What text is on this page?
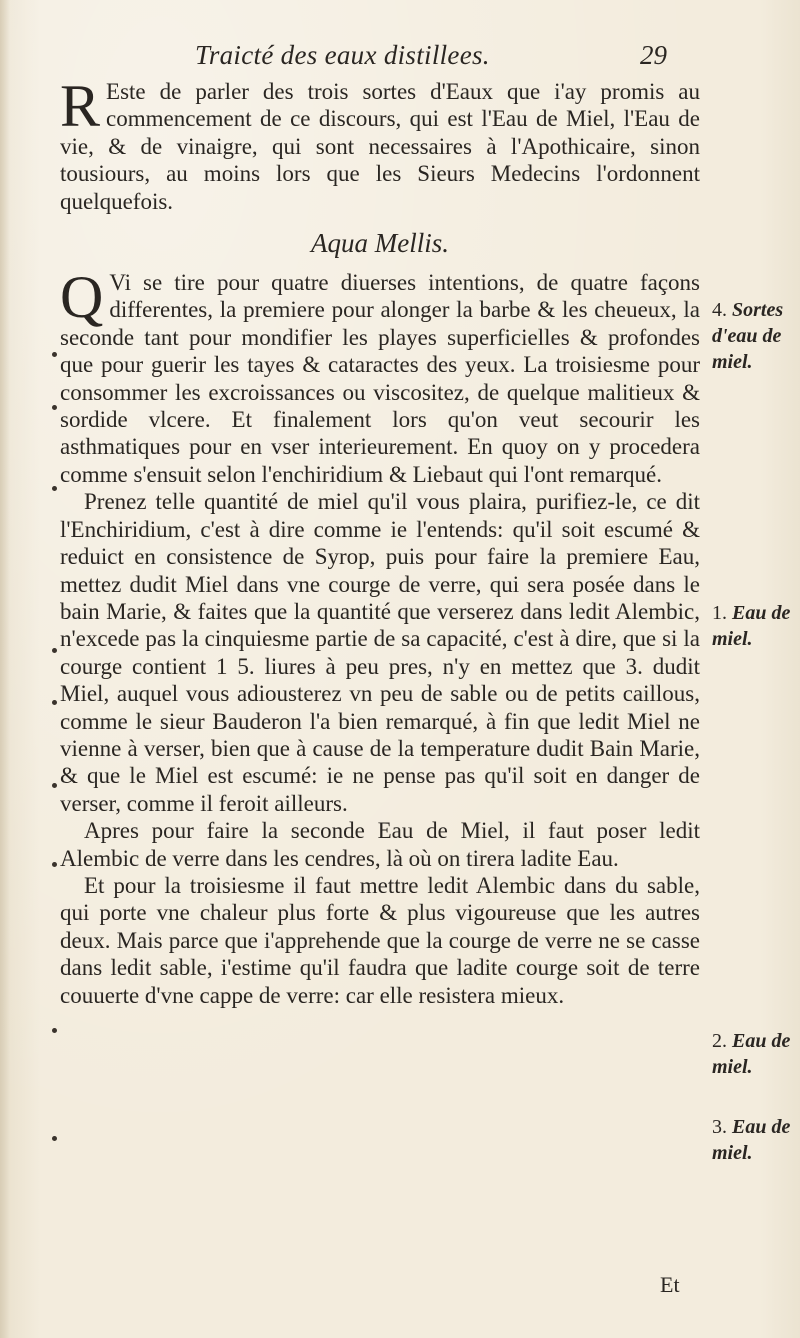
Traicté des eaux distillees.	29

R Este de parler des trois sortes d'Eaux que i'ay promis au commencement de ce discours, qui est l'Eau de Miel, l'Eau de vie, & de vinaigre, qui sont necessaires à l'Apothicaire, sinon tousiours, au moins lors que les Sieurs Medecins l'ordonnent quelquefois.

Aqua Mellis.

Q Vi se tire pour quatre diuerses intentions, de quatre façons differentes, la premiere pour alonger la barbe & les cheueux, la seconde tant pour mondifier les playes superficielles & profondes que pour guerir les tayes & cataractes des yeux. La troisiesme pour consommer les excroissances ou viscositez, de quelque malitieux & sordide vlcere. Et finalement lors qu'on veut secourir les asthmatiques pour en vser interieurement. En quoy on y procedera comme s'ensuit selon l'enchiridium & Liebaut qui l'ont remarqué.

Prenez telle quantité de miel qu'il vous plaira, purifiez-le, ce dit l'Enchiridium, c'est à dire comme ie l'entends: qu'il soit escumé & reduict en consistence de Syrop, puis pour faire la premiere Eau, mettez dudit Miel dans vne courge de verre, qui sera posée dans le bain Marie, & faites que la quantité que verserez dans ledit Alembic, n'excede pas la cinquiesme partie de sa capacité, c'est à dire, que si la courge contient 1 5. liures à peu pres, n'y en mettez que 3. dudit Miel, auquel vous adiousterez vn peu de sable ou de petits caillous, comme le sieur Bauderon l'a bien remarqué, à fin que ledit Miel ne vienne à verser, bien que à cause de la temperature dudit Bain Marie, & que le Miel est escumé: ie ne pense pas qu'il soit en danger de verser, comme il feroit ailleurs.

Apres pour faire la seconde Eau de Miel, il faut poser ledit Alembic de verre dans les cendres, là où on tirera ladite Eau.

Et pour la troisiesme il faut mettre ledit Alembic dans du sable, qui porte vne chaleur plus forte & plus vigoureuse que les autres deux. Mais parce que i'apprehende que la courge de verre ne se casse dans ledit sable, i'estime qu'il faudra que ladite courge soit de terre couuerte d'vne cappe de verre: car elle resistera mieux.

4. Sortes d'eau de miel.
1. Eau de miel.
2. Eau de miel.
3. Eau de miel.
Et
